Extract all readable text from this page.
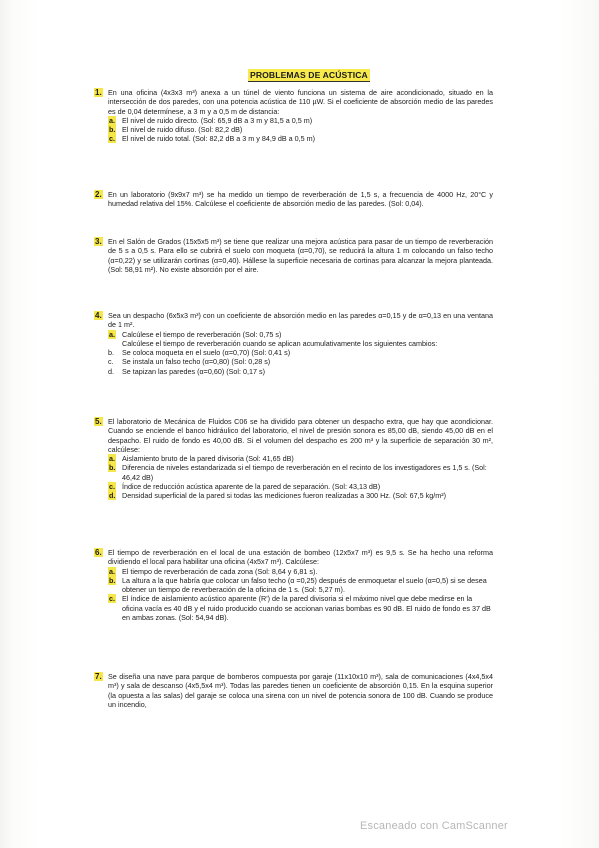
PROBLEMAS DE ACÚSTICA
1. En una oficina (4x3x3 m³) anexa a un túnel de viento funciona un sistema de aire acondicionado, situado en la intersección de dos paredes, con una potencia acústica de 110 µW. Si el coeficiente de absorción medio de las paredes es de 0,04 determínese, a 3 m y a 0,5 m de distancia:
a. El nivel de ruido directo. (Sol: 65,9 dB a 3 m y 81,5 a 0,5 m)
b. El nivel de ruido difuso. (Sol: 82,2 dB)
c. El nivel de ruido total. (Sol: 82,2 dB a 3 m y 84,9 dB a 0,5 m)
2. En un laboratorio (9x9x7 m³) se ha medido un tiempo de reverberación de 1,5 s, a frecuencia de 4000 Hz, 20°C y humedad relativa del 15%. Calcúlese el coeficiente de absorción medio de las paredes. (Sol: 0,04).
3. En el Salón de Grados (15x5x5 m³) se tiene que realizar una mejora acústica para pasar de un tiempo de reverberación de 5 s a 0,5 s. Para ello se cubrirá el suelo con moqueta (α=0,70), se reducirá la altura 1 m colocando un falso techo (α=0,22) y se utilizarán cortinas (α=0,40). Hállese la superficie necesaria de cortinas para alcanzar la mejora planteada. (Sol: 58,91 m²). No existe absorción por el aire.
4. Sea un despacho (6x5x3 m³) con un coeficiente de absorción medio en las paredes α=0,15 y de α=0,13 en una ventana de 1 m².
a. Calcúlese el tiempo de reverberación (Sol: 0,75 s)
Calcúlese el tiempo de reverberación cuando se aplican acumulativamente los siguientes cambios:
b. Se coloca moqueta en el suelo (α=0,70) (Sol: 0,41 s)
c. Se instala un falso techo (α=0,80) (Sol: 0,28 s)
d. Se tapizan las paredes (α=0,60) (Sol: 0,17 s)
5. El laboratorio de Mecánica de Fluidos C06 se ha dividido para obtener un despacho extra, que hay que acondicionar. Cuando se enciende el banco hidráulico del laboratorio, el nivel de presión sonora es 85,00 dB, siendo 45,00 dB en el despacho. El ruido de fondo es 40,00 dB. Si el volumen del despacho es 200 m³ y la superficie de separación 30 m², calcúlese:
a. Aislamiento bruto de la pared divisoria (Sol: 41,65 dB)
b. Diferencia de niveles estandarizada si el tiempo de reverberación en el recinto de los investigadores es 1,5 s. (Sol: 46,42 dB)
c. Índice de reducción acústica aparente de la pared de separación. (Sol: 43,13 dB)
d. Densidad superficial de la pared si todas las mediciones fueron realizadas a 300 Hz. (Sol: 67,5 kg/m²)
6. El tiempo de reverberación en el local de una estación de bombeo (12x5x7 m³) es 9,5 s. Se ha hecho una reforma dividiendo el local para habilitar una oficina (4x5x7 m³). Calcúlese:
a. El tiempo de reverberación de cada zona (Sol: 8,64 y 6,81 s).
b. La altura a la que habría que colocar un falso techo (α =0,25) después de enmoquetar el suelo (α=0,5) si se desea obtener un tiempo de reverberación de la oficina de 1 s. (Sol: 5,27 m).
c. El índice de aislamiento acústico aparente (R') de la pared divisoria si el máximo nivel que debe medirse en la oficina vacía es 40 dB y el ruido producido cuando se accionan varias bombas es 90 dB. El ruido de fondo es 37 dB en ambas zonas. (Sol: 54,94 dB).
7. Se diseña una nave para parque de bomberos compuesta por garaje (11x10x10 m³), sala de comunicaciones (4x4,5x4 m³) y sala de descanso (4x5,5x4 m³). Todas las paredes tienen un coeficiente de absorción 0,15. En la esquina superior (la opuesta a las salas) del garaje se coloca una sirena con un nivel de potencia sonora de 100 dB. Cuando se produce un incendio,
Escaneado con CamScanner
